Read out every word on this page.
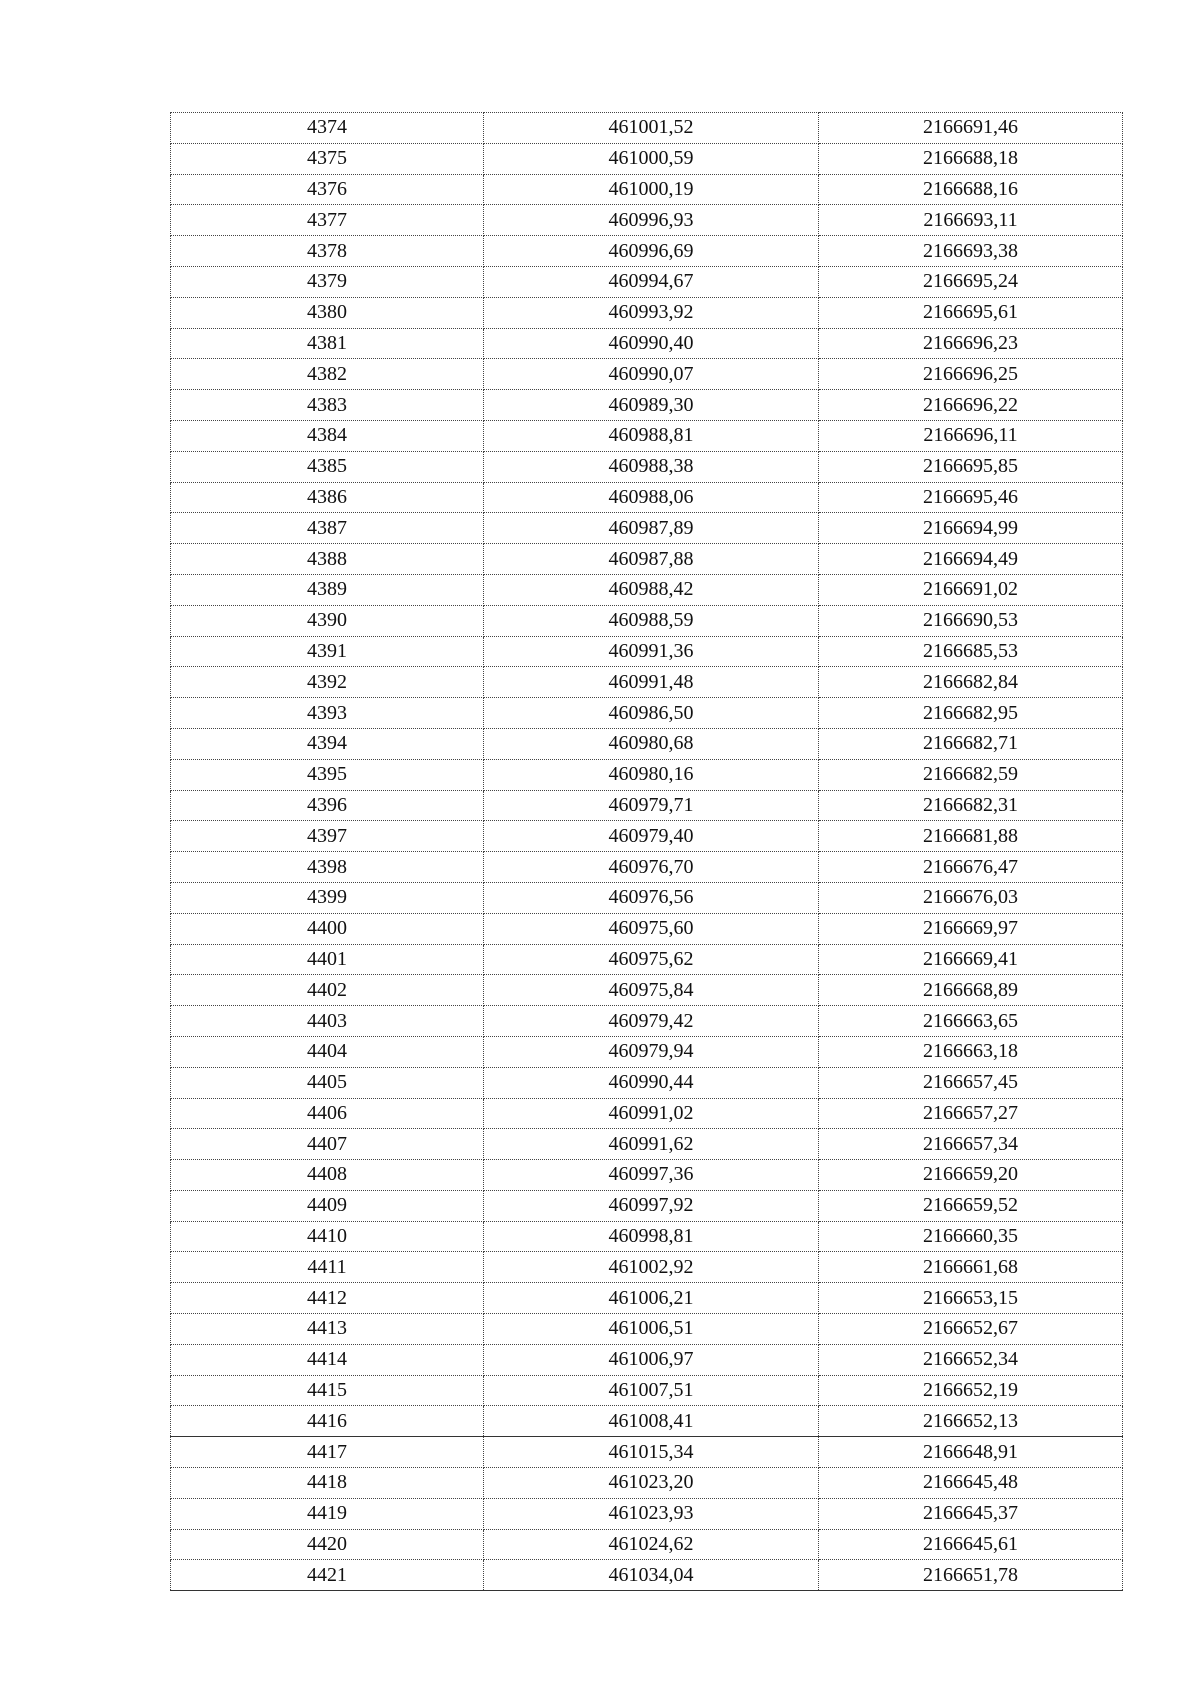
4374	461001,52	2166691,46
4375	461000,59	2166688,18
4376	461000,19	2166688,16
4377	460996,93	2166693,11
4378	460996,69	2166693,38
4379	460994,67	2166695,24
4380	460993,92	2166695,61
4381	460990,40	2166696,23
4382	460990,07	2166696,25
4383	460989,30	2166696,22
4384	460988,81	2166696,11
4385	460988,38	2166695,85
4386	460988,06	2166695,46
4387	460987,89	2166694,99
4388	460987,88	2166694,49
4389	460988,42	2166691,02
4390	460988,59	2166690,53
4391	460991,36	2166685,53
4392	460991,48	2166682,84
4393	460986,50	2166682,95
4394	460980,68	2166682,71
4395	460980,16	2166682,59
4396	460979,71	2166682,31
4397	460979,40	2166681,88
4398	460976,70	2166676,47
4399	460976,56	2166676,03
4400	460975,60	2166669,97
4401	460975,62	2166669,41
4402	460975,84	2166668,89
4403	460979,42	2166663,65
4404	460979,94	2166663,18
4405	460990,44	2166657,45
4406	460991,02	2166657,27
4407	460991,62	2166657,34
4408	460997,36	2166659,20
4409	460997,92	2166659,52
4410	460998,81	2166660,35
4411	461002,92	2166661,68
4412	461006,21	2166653,15
4413	461006,51	2166652,67
4414	461006,97	2166652,34
4415	461007,51	2166652,19
4416	461008,41	2166652,13
4417	461015,34	2166648,91
4418	461023,20	2166645,48
4419	461023,93	2166645,37
4420	461024,62	2166645,61
4421	461034,04	2166651,78
